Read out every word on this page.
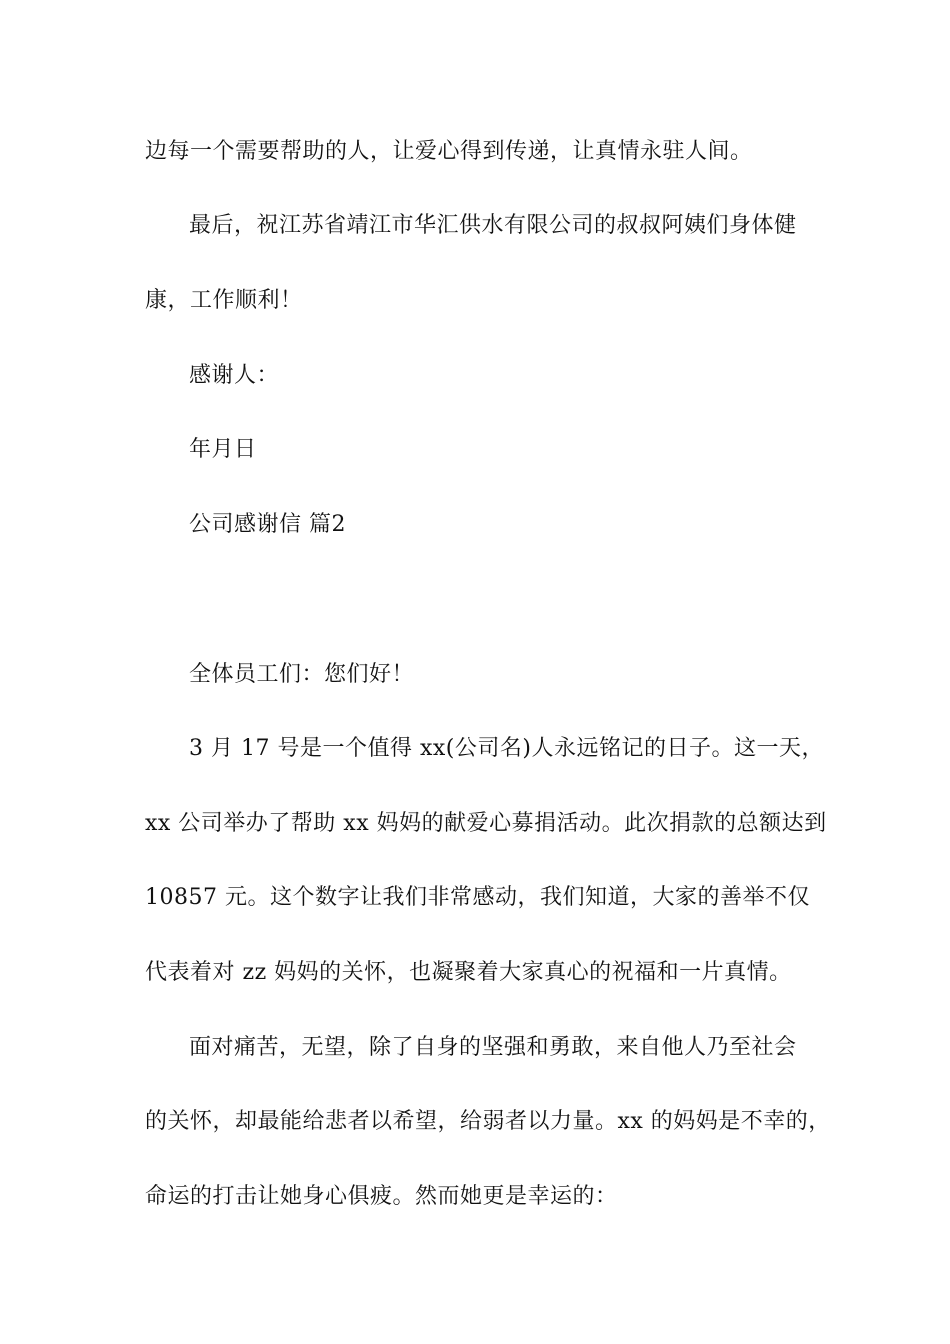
边每一个需要帮助的人，让爱心得到传递，让真情永驻人间。
最后，祝江苏省靖江市华汇供水有限公司的叔叔阿姨们身体健
康，工作顺利！
感谢人：
年月日
公司感谢信 篇2
全体员工们：您们好！
3 月 17 号是一个值得 xx(公司名)人永远铭记的日子。这一天，
xx 公司举办了帮助 xx 妈妈的献爱心募捐活动。此次捐款的总额达到
10857 元。这个数字让我们非常感动，我们知道，大家的善举不仅
代表着对 zz 妈妈的关怀，也凝聚着大家真心的祝福和一片真情。
面对痛苦，无望，除了自身的坚强和勇敢，来自他人乃至社会
的关怀，却最能给悲者以希望，给弱者以力量。xx 的妈妈是不幸的，
命运的打击让她身心俱疲。然而她更是幸运的：
